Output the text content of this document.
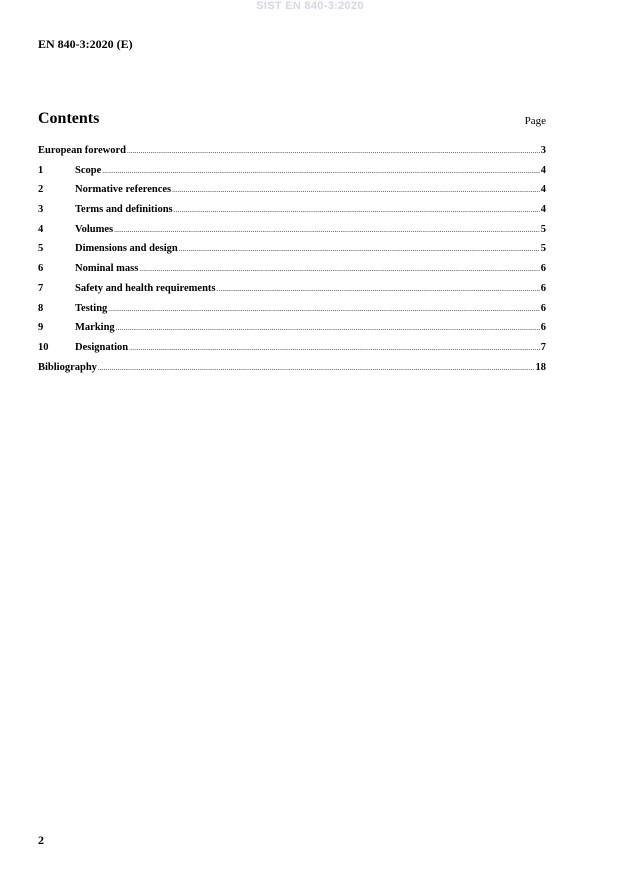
SIST EN 840-3:2020
EN 840-3:2020 (E)
Contents	Page
European foreword .....	3
1	Scope .....	4
2	Normative references .....	4
3	Terms and definitions .....	4
4	Volumes .....	5
5	Dimensions and design .....	5
6	Nominal mass .....	6
7	Safety and health requirements .....	6
8	Testing .....	6
9	Marking .....	6
10	Designation .....	7
Bibliography .....	18
2
